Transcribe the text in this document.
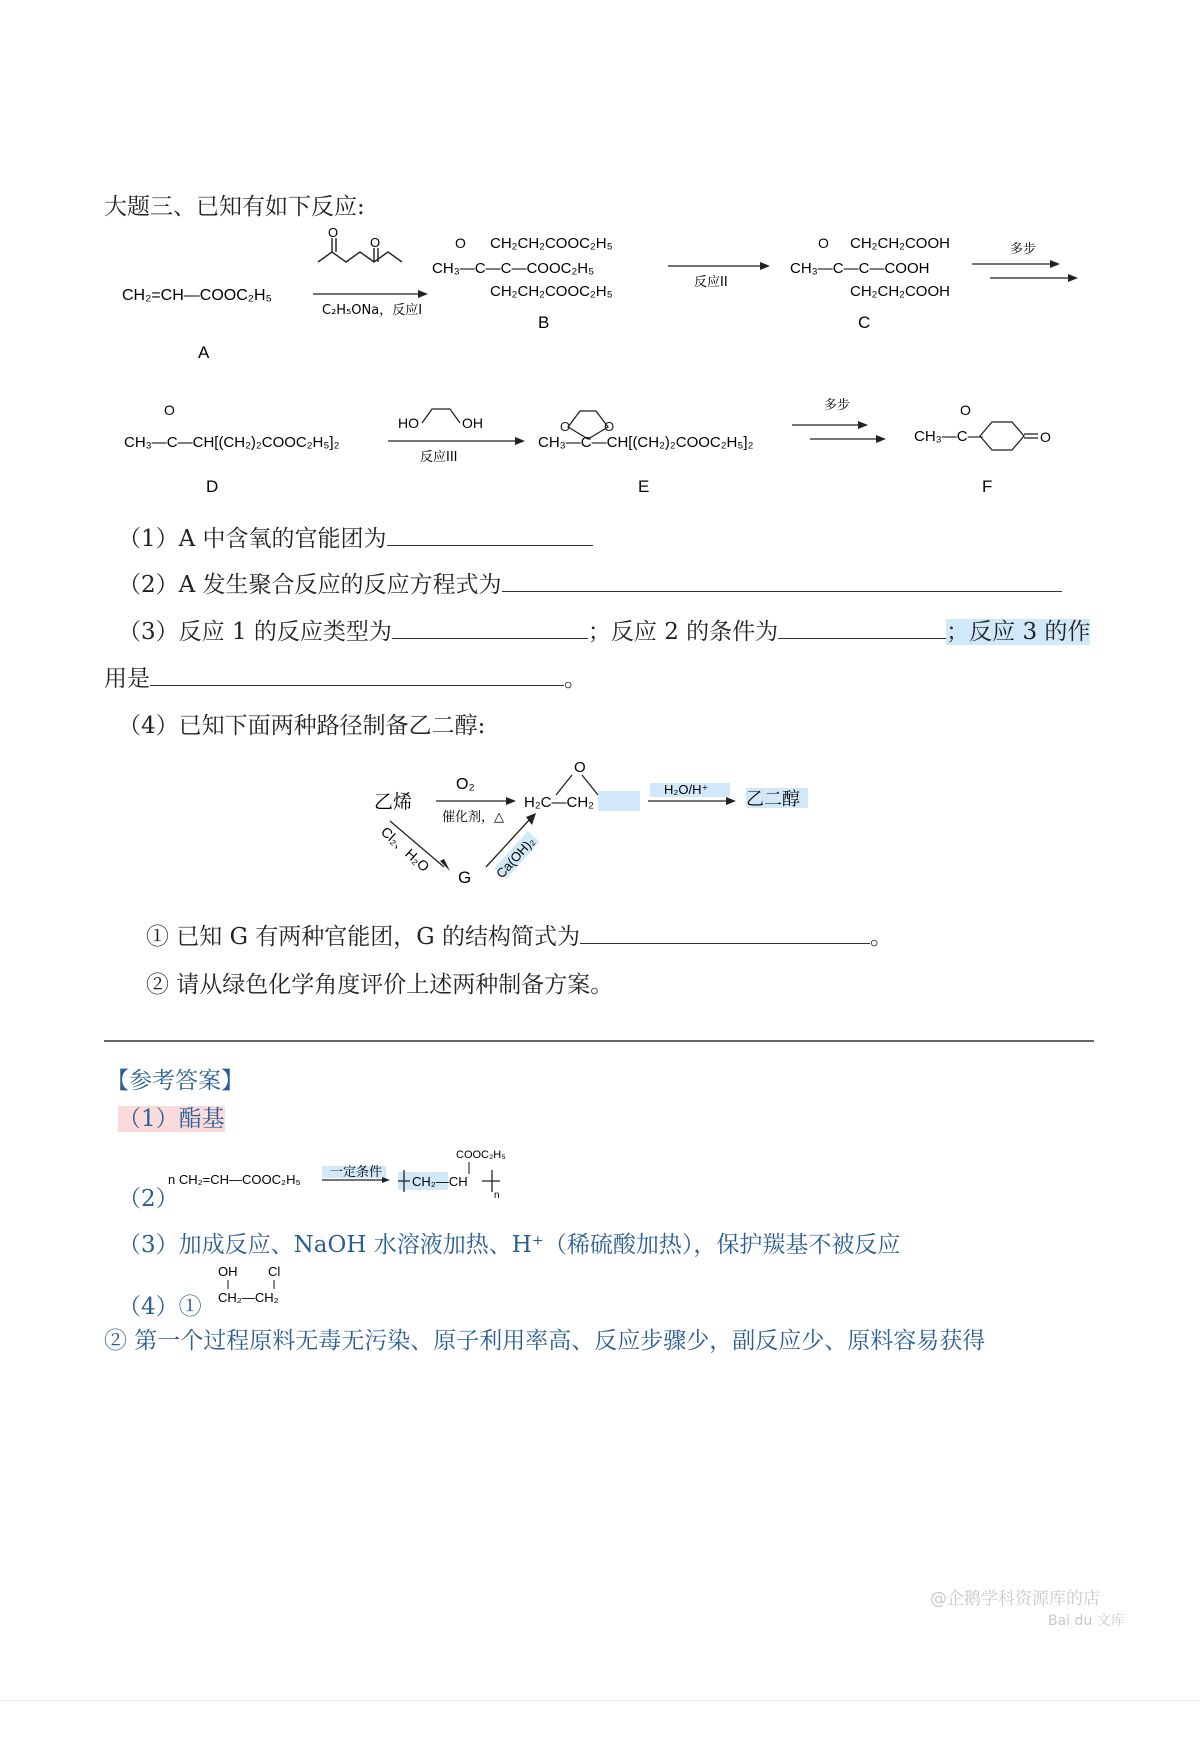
大题三、已知有如下反应:
CH₂=CH—COOC₂H₅
A
O
O
C₂H₅ONa，反应I
O CH₂CH₂COOC₂H₅
CH₃—C—C—COOC₂H₅
CH₂CH₂COOC₂H₅
B
反应II
O CH₂CH₂COOH
CH₃—C—C—COOH
CH₂CH₂COOH
C
多步
O
CH₃—C—CH[(CH₂)₂COOC₂H₅]₂
D
HO	OH
反应III
O	O
CH₃—C—CH[(CH₂)₂COOC₂H₅]₂
E
多步	O
CH₃—C—	O
F
（1）A 中含氧的官能团为
（2）A 发生聚合反应的反应方程式为
（3）反应 1 的反应类型为	；反应 2 的条件为	；反应 3 的作
用是	。
（4）已知下面两种路径制备乙二醇:
乙烯
O₂
催化剂，△
O
H₂C—CH₂
H₂O/H⁺ 乙二醇
Cl₂、H₂O
G Ca(OH)₂
① 已知 G 有两种官能团，G 的结构简式为	。
② 请从绿色化学角度评价上述两种制备方案。
【参考答案】
（1）酯基
（2）
n CH₂=CH—COOC₂H₅ 一定条件
CH₂—CH
COOC₂H₅
n
（3）加成反应、NaOH 水溶液加热、H⁺（稀硫酸加热），保护羰基不被反应
（4）①
OH Cl
CH₂—CH₂
② 第一个过程原料无毒无污染、原子利用率高、反应步骤少，副反应少、原料容易获得
@企鹅学科资源库的店
Bai du 文库
